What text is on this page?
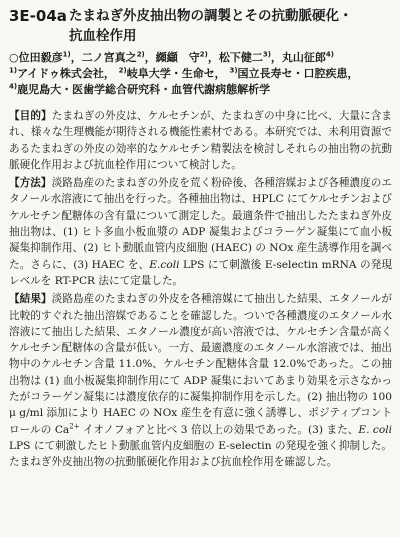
3E-04a たまねぎ外皮抽出物の調製とその抗動脈硬化・
抗血栓作用
○位田毅彦$^{1)}$，二ノ宮真之$^{2)}$，纐纈　守$^{2)}$，松下健二$^{3)}$，丸山征郎$^{4)}$
$^{1)}$アイドゥ株式会社， $^{2)}$岐阜大学・生命セ， $^{3)}$国立長寿セ・口腔疾患，
$^{4)}$鹿児島大・医歯学総合研究科・血管代謝病態解析学

【目的】たまねぎの外皮は、ケルセチンが、たまねぎの中身に比べ、大量に含まれ、様々な生理機能が期待される機能性素材である。本研究では、未利用資源であるたまねぎの外皮の効率的なケルセチン精製法を検討しそれらの抽出物の抗動脈硬化作用および抗血栓作用について検討した。

【方法】淡路島産のたまねぎの外皮を荒く粉砕後、各種溶媒および各種濃度のエタノール水溶液にて抽出を行った。各種抽出物は、HPLC にてケルセチンおよびケルセチン配糖体の含有量について測定した。最適条件で抽出したたまねぎ外皮抽出物は、(1) ヒト多血小板血漿の ADP 凝集およびコラーゲン凝集にて血小板凝集抑制作用、(2) ヒト動脈血管内皮細胞 (HAEC) の NOx 産生誘導作用を調べた。さらに、(3) HAEC を、E.coli LPS にて刺激後 E-selectin mRNA の発現レベルを RT-PCR 法にて定量した。

【結果】淡路島産のたまねぎの外皮を各種溶媒にて抽出した結果、エタノールが比較的すぐれた抽出溶媒であることを確認した。ついで各種濃度のエタノール水溶液にて抽出した結果、エタノール濃度が高い溶液では、ケルセチン含量が高くケルセチン配糖体の含量が低い。一方、最適濃度のエタノール水溶液では、抽出物中のケルセチン含量 11.0%、ケルセチン配糖体含量 12.0%であった。この抽出物は (1) 血小板凝集抑制作用にて ADP 凝集においてあまり効果を示さなかったがコラーゲン凝集には濃度依存的に凝集抑制作用を示した。(2) 抽出物の 100 μ g/ml 添加により HAEC の NOx 産生を有意に強く誘導し、ポジティブコントロールの $Ca^{2+}$ イオノフォアと比べ 3 倍以上の効果であった。(3) また、E. coli LPS にて刺激したヒト動脈血管内皮細胞の E-selectin の発現を強く抑制した。たまねぎ外皮抽出物の抗動脈硬化作用および抗血栓作用を確認した。
